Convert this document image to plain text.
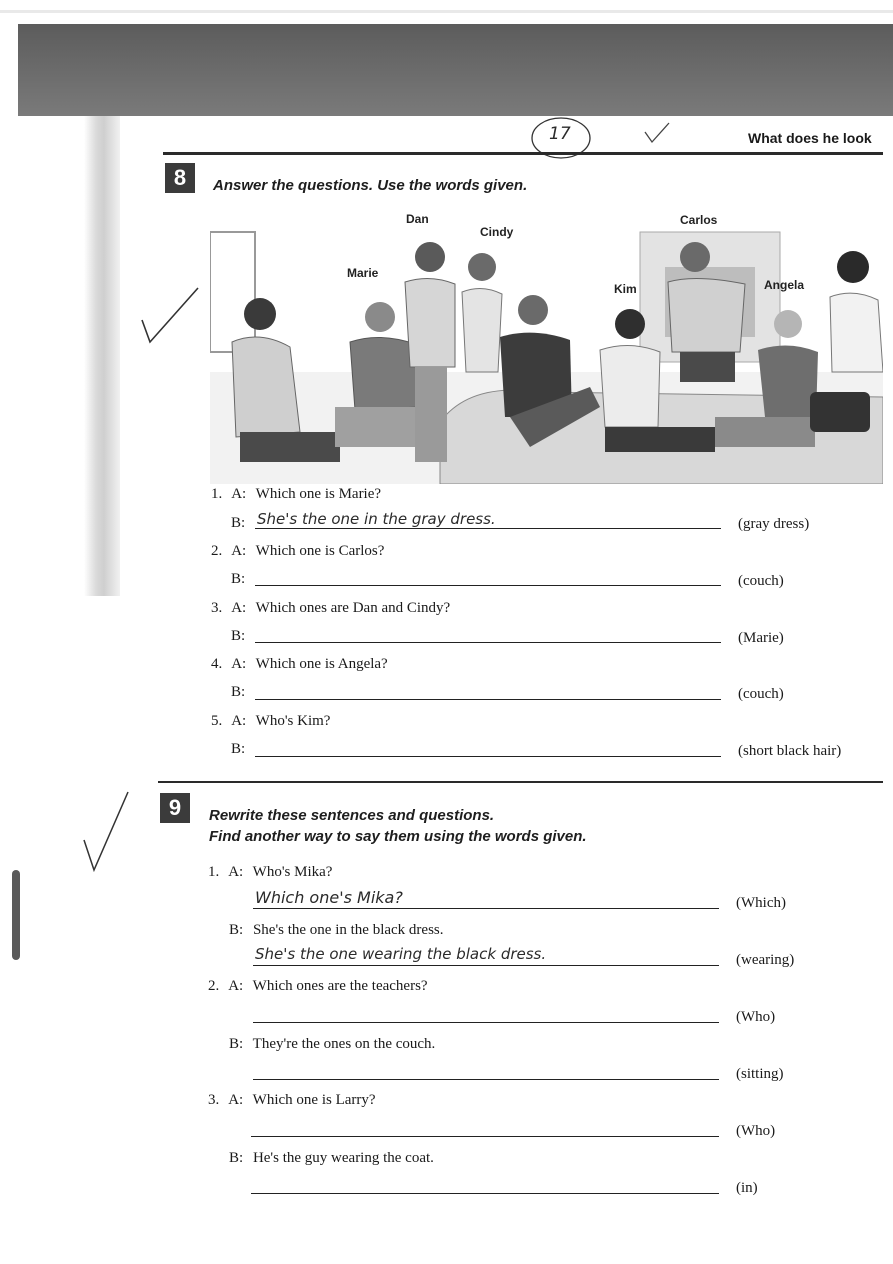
17	What does he look
8	Answer the questions. Use the words given.
Dan
Cindy
Marie
Carlos
Kim	Angela
1. A: Which one is Marie?
B: She's the one in the gray dress.	(gray dress)
2. A: Which one is Carlos?
B:	(couch)
3. A: Which ones are Dan and Cindy?
B:	(Marie)
4. A: Which one is Angela?
B:	(couch)
5. A: Who's Kim?
B:	(short black hair)
9	Rewrite these sentences and questions.
Find another way to say them using the words given.
1. A: Who's Mika?
Which one's Mika?	(Which)
B: She's the one in the black dress.
She's the one wearing the black dress.	(wearing)
2. A: Which ones are the teachers?
(Who)
B: They're the ones on the couch.
(sitting)
3. A: Which one is Larry?
(Who)
B: He's the guy wearing the coat.
(in)
